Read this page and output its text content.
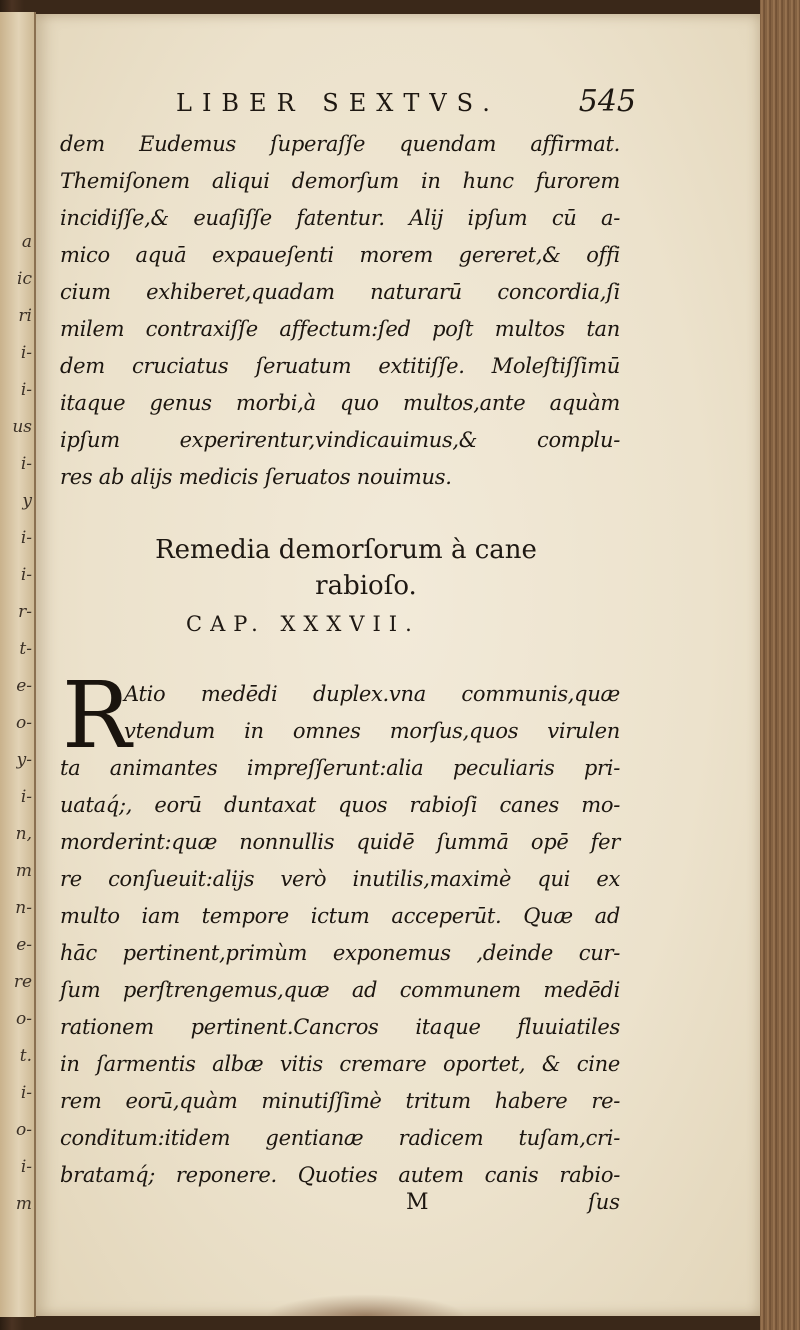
a
ic
ri
i-
i-
us
i-
y
i-
i-
r-
t-
e-
o-
y-
i-
n,
m
n-
e-
re
o-
t.
i-
o-
i-
m
LIBER SEXTVS.	545
dem Eudemus ſuperaſſe quendam affirmat.
Themiſonem aliqui demorſum in hunc furorem
incidiſſe,& euaſiſſe fatentur. Alij ipſum cū a-
mico aquā expaueſenti morem gereret,& offi
cium exhiberet,quadam naturarū concordia,ſi
milem contraxiſſe affectum:ſed poſt multos tan
dem cruciatus ſeruatum extitiſſe. Moleſtiſſimū
itaque genus morbi,à quo multos,ante aquàm
ipſum experirentur,vindicauimus,& complu-
res ab alijs medicis ſeruatos nouimus.
Remedia demorſorum à cane
rabioſo.
CAP. XXXVII.
R
Atio medēdi duplex.vna communis,quæ
vtendum in omnes morſus,quos virulen
ta animantes impreſſerunt:alia peculiaris pri-
uataq́;, eorū duntaxat quos rabioſi canes mo-
morderint:quæ nonnullis quidē ſummā opē fer
re conſueuit:alijs verò inutilis,maximè qui ex
multo iam tempore ictum acceperūt. Quæ ad
hāc pertinent,primùm exponemus ,deinde cur-
ſum perſtrengemus,quæ ad communem medēdi
rationem pertinent.Cancros itaque fluuiatiles
in ſarmentis albæ vitis cremare oportet, & cine
rem eorū,quàm minutiſſimè tritum habere re-
conditum:itidem gentianæ radicem tuſam,cri-
bratamq́; reponere. Quoties autem canis rabio-
M	ſus
